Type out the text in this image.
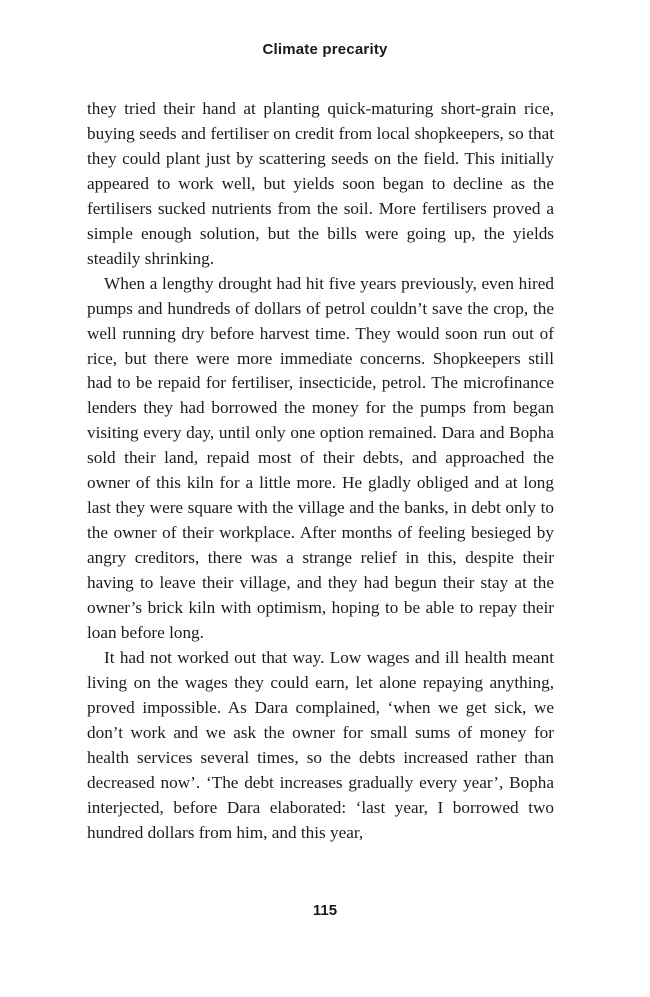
Climate precarity

they tried their hand at planting quick-maturing short-grain rice, buying seeds and fertiliser on credit from local shopkeepers, so that they could plant just by scattering seeds on the field. This initially appeared to work well, but yields soon began to decline as the fertilisers sucked nutrients from the soil. More fertilisers proved a simple enough solution, but the bills were going up, the yields steadily shrinking.

When a lengthy drought had hit five years previously, even hired pumps and hundreds of dollars of petrol couldn’t save the crop, the well running dry before harvest time. They would soon run out of rice, but there were more immediate concerns. Shopkeepers still had to be repaid for fertiliser, insecticide, petrol. The microfinance lenders they had borrowed the money for the pumps from began visiting every day, until only one option remained. Dara and Bopha sold their land, repaid most of their debts, and approached the owner of this kiln for a little more. He gladly obliged and at long last they were square with the village and the banks, in debt only to the owner of their workplace. After months of feeling besieged by angry creditors, there was a strange relief in this, despite their having to leave their village, and they had begun their stay at the owner’s brick kiln with optimism, hoping to be able to repay their loan before long.

It had not worked out that way. Low wages and ill health meant living on the wages they could earn, let alone repaying anything, proved impossible. As Dara complained, ‘when we get sick, we don’t work and we ask the owner for small sums of money for health services several times, so the debts increased rather than decreased now’. ‘The debt increases gradually every year’, Bopha interjected, before Dara elaborated: ‘last year, I borrowed two hundred dollars from him, and this year,

115
